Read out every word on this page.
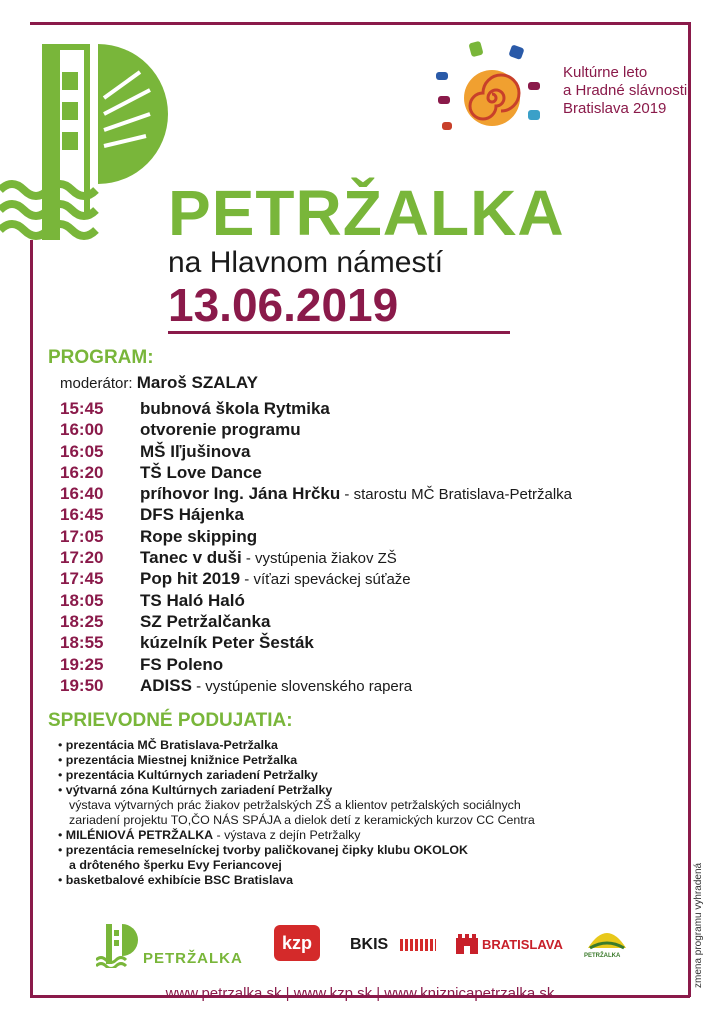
Kultúrne leto
a Hradné slávnosti
Bratislava 2019
PETRŽALKA
na Hlavnom námestí
13.06.2019
PROGRAM:
moderátor: Maroš SZALAY
15:45 bubnová škola Rytmika
16:00 otvorenie programu
16:05 MŠ Iľjušinova
16:20 TŠ Love Dance
16:40 príhovor Ing. Jána Hrčku - starostu MČ Bratislava-Petržalka
16:45 DFS Hájenka
17:05 Rope skipping
17:20 Tanec v duši - vystúpenia žiakov ZŠ
17:45 Pop hit 2019 - víťazi speváckej súťaže
18:05 TS Haló Haló
18:25 SZ Petržalčanka
18:55 kúzelník Peter Šesták
19:25 FS Poleno
19:50 ADISS - vystúpenie slovenského rapera
SPRIEVODNÉ PODUJATIA:
• prezentácia MČ Bratislava-Petržalka
• prezentácia Miestnej knižnice Petržalka
• prezentácia Kultúrnych zariadení Petržalky
• výtvarná zóna Kultúrnych zariadení Petržalky
výstava výtvarných prác žiakov petržalských ZŠ a klientov petržalských sociálnych
zariadení projektu TO,ČO NÁS SPÁJA a dielok detí z keramických kurzov CC Centra
• MILÉNIOVÁ PETRŽALKA - výstava z dejín Petržalky
• prezentácia remeselníckej tvorby paličkovanej čipky klubu OKOLOK
a drôteného šperku Evy Feriancovej
• basketbalové exhibície BSC Bratislava
PETRŽALKA
kzp	BKIS	BRATISLAVA
PETRŽALKA	zmena programu vyhradená
www.petrzalka.sk | www.kzp.sk | www.kniznicapetrzalka.sk
